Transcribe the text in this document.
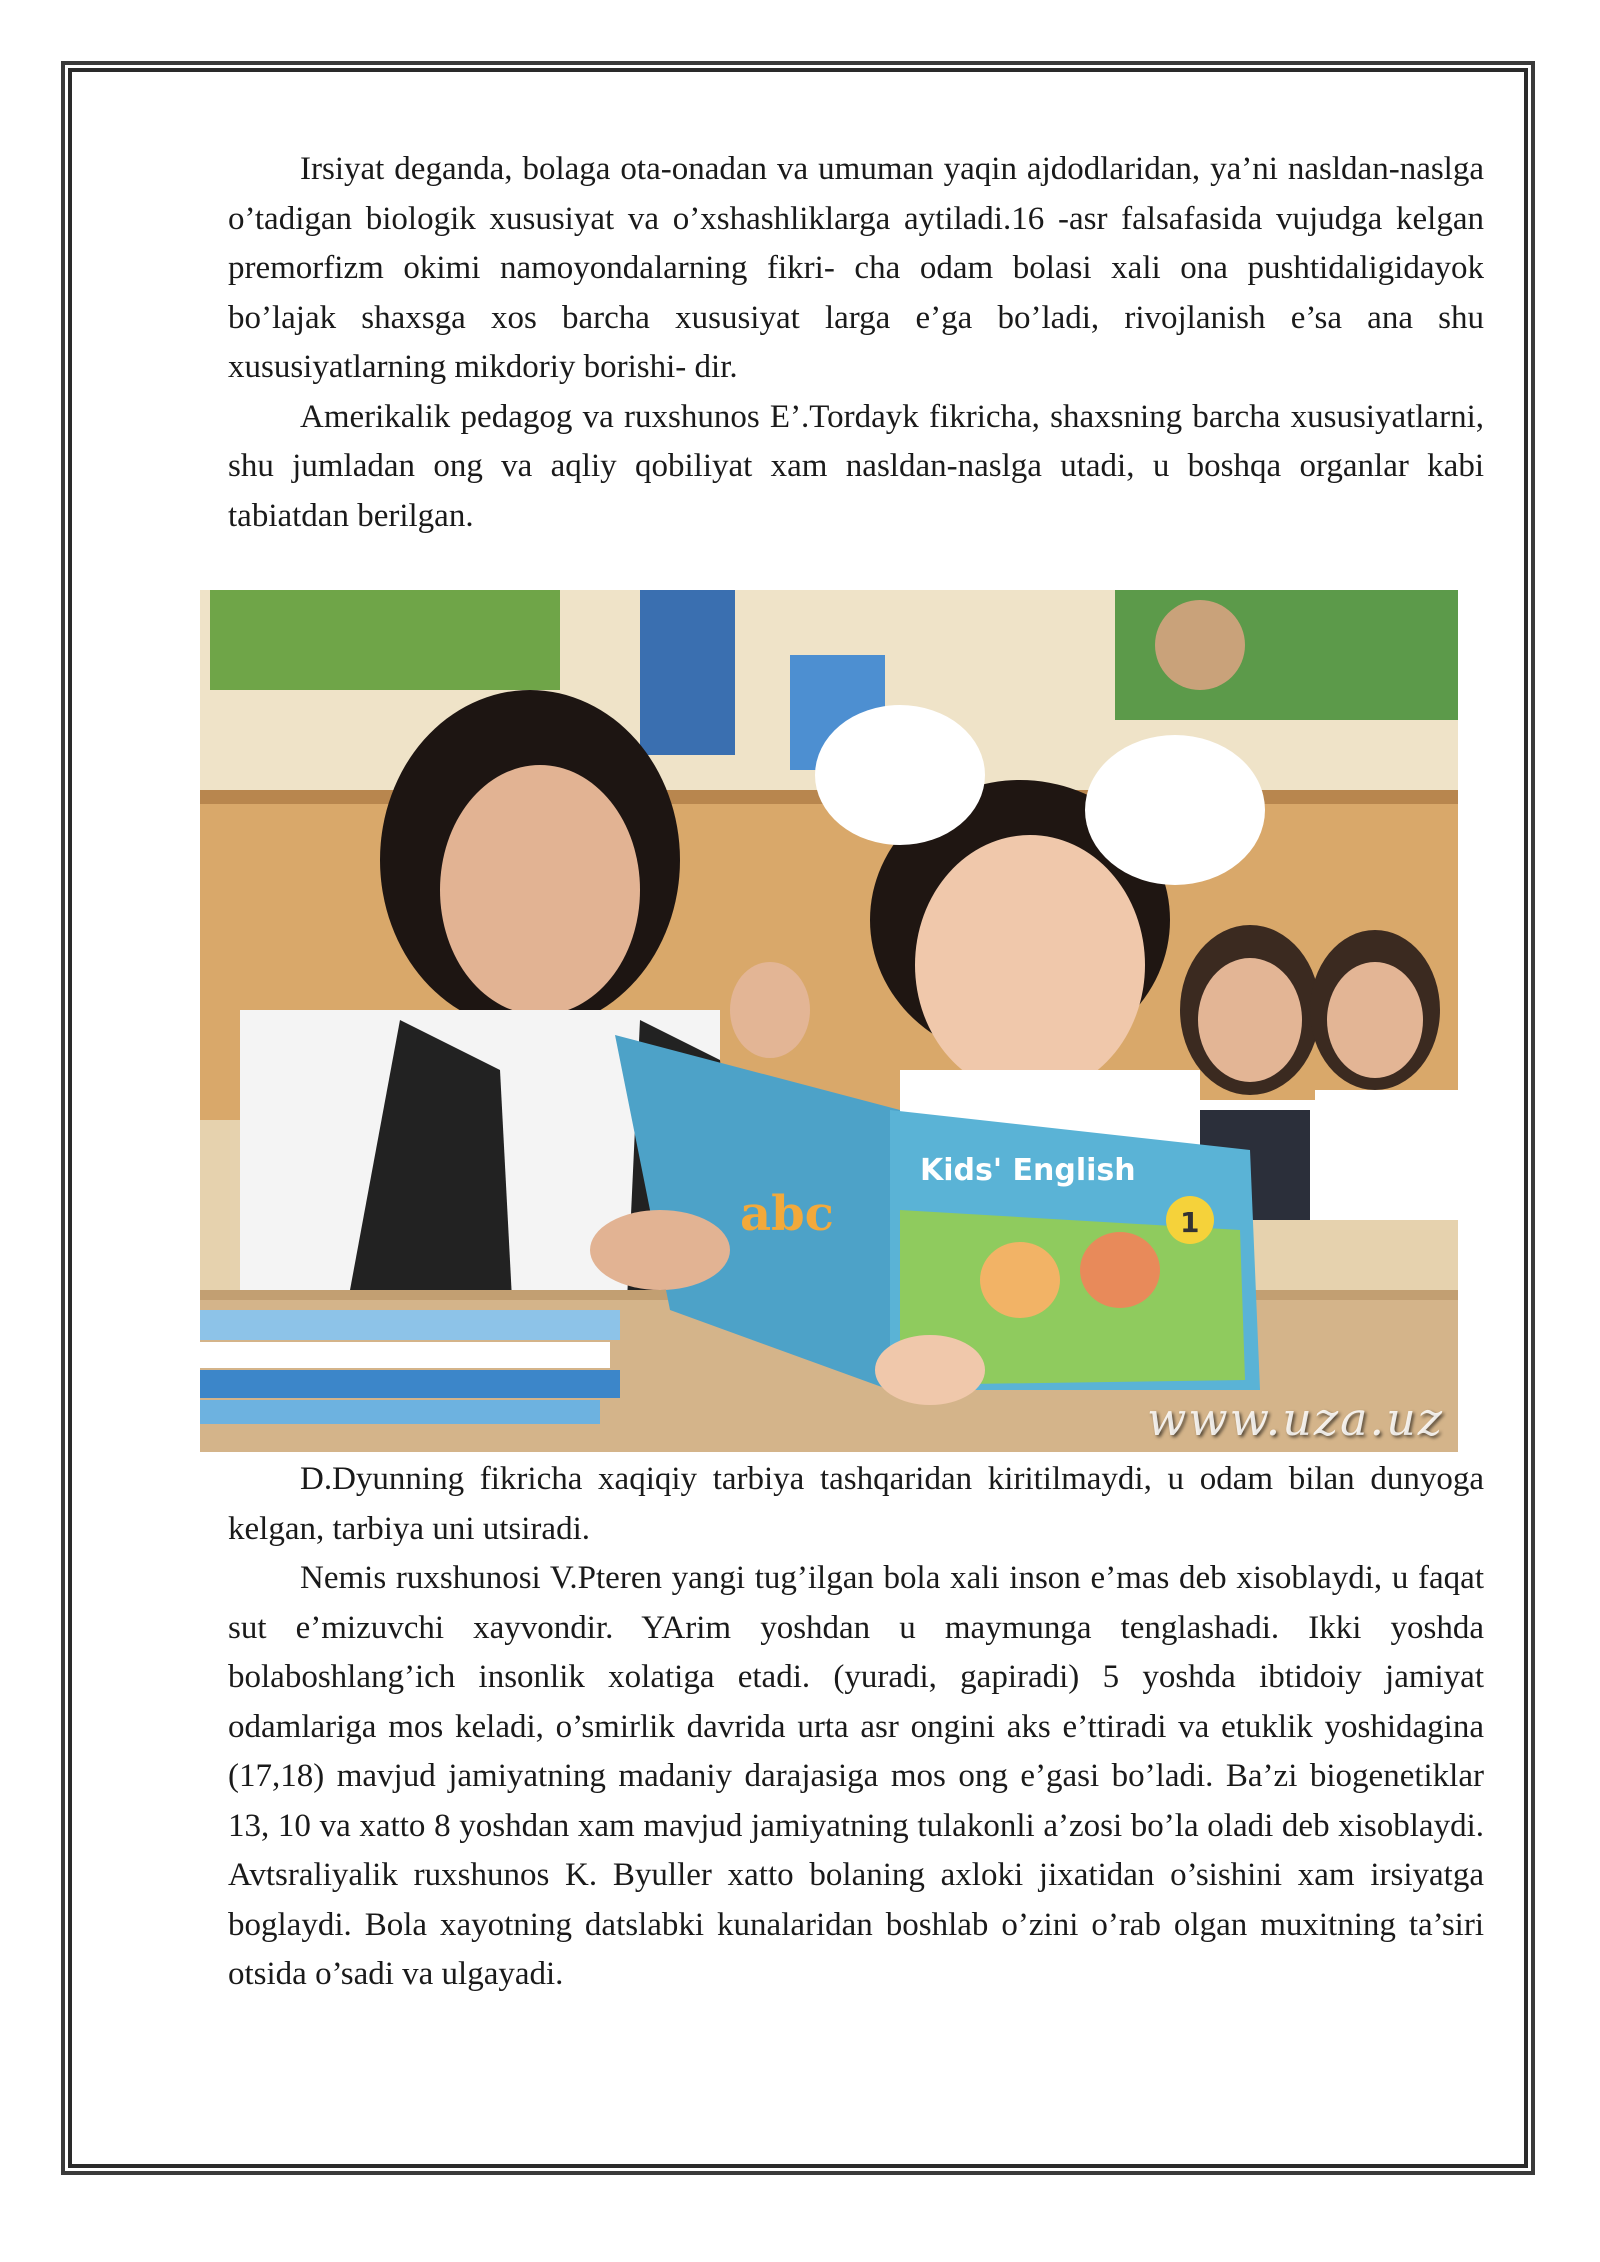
Irsiyat deganda, bolaga ota-onadan va umuman yaqin ajdodlaridan, ya’ni nasldan-naslga o’tadigan biologik xususiyat va o’xshashliklarga aytiladi.16 -asr falsafasida vujudga kelgan premorfizm okimi namoyondalarning fikri- cha odam bolasi xali ona pushtidaligidayok bo’lajak shaxsga xos barcha xususiyat larga e’ga bo’ladi, rivojlanish e’sa ana shu xususiyatlarning mikdoriy borishi- dir.

Amerikalik pedagog va ruxshunos E’.Tordayk fikricha, shaxsning barcha xususiyatlarni, shu jumladan ong va aqliy qobiliyat xam nasldan-naslga utadi, u boshqa organlar kabi tabiatdan berilgan.

Kids' English
1
abc
www.uza.uz

D.Dyunning fikricha xaqiqiy tarbiya tashqaridan kiritilmaydi, u odam bilan dunyoga kelgan, tarbiya uni utsiradi.

Nemis ruxshunosi V.Pteren yangi tug’ilgan bola xali inson e’mas deb xisoblaydi, u faqat sut e’mizuvchi xayvondir. YArim yoshdan u maymunga tenglashadi. Ikki yoshda bolaboshlang’ich insonlik xolatiga etadi. (yuradi, gapiradi) 5 yoshda ibtidoiy jamiyat odamlariga mos keladi, o’smirlik davrida urta asr ongini aks e’ttiradi va etuklik yoshidagina (17,18) mavjud jamiyatning madaniy darajasiga mos ong e’gasi bo’ladi. Ba’zi biogenetiklar 13, 10 va xatto 8 yoshdan xam mavjud jamiyatning tulakonli a’zosi bo’la oladi deb xisoblaydi. Avtsraliyalik ruxshunos K. Byuller xatto bolaning axloki jixatidan o’sishini xam irsiyatga boglaydi. Bola xayotning datslabki kunalaridan boshlab o’zini o’rab olgan muxitning ta’siri otsida o’sadi va ulgayadi.
